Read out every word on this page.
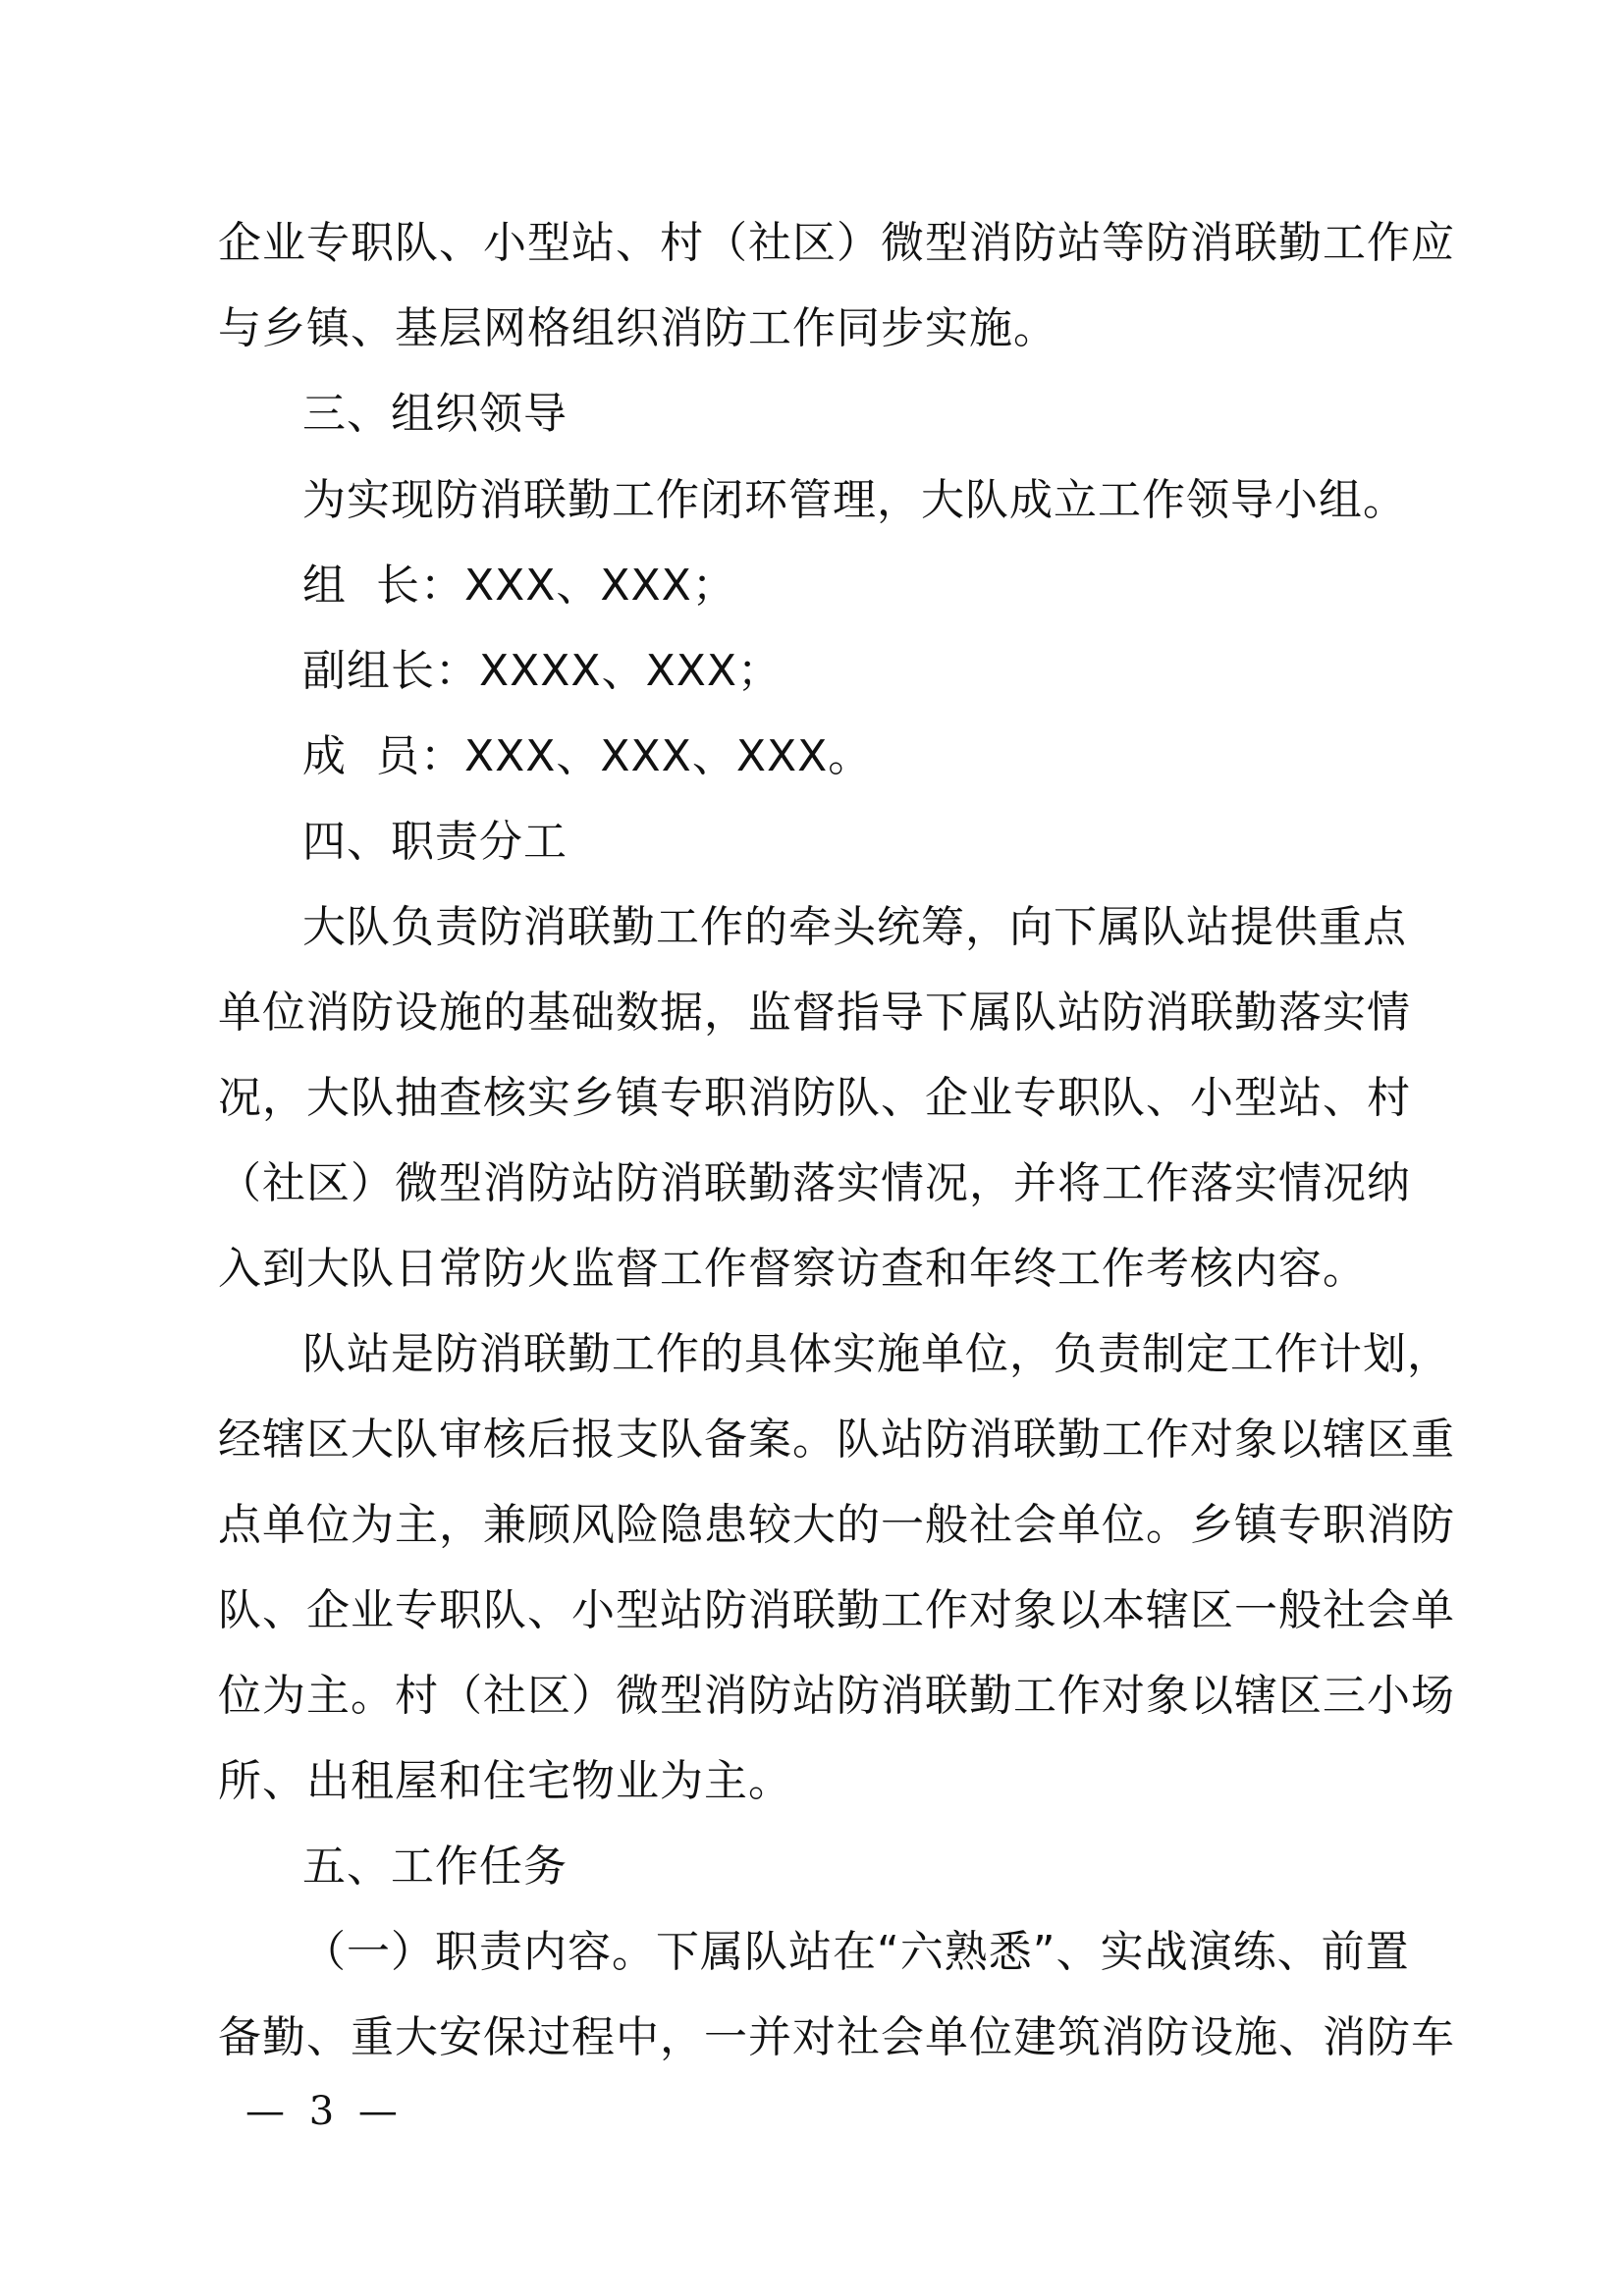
企业专职队、小型站、村（社区）微型消防站等防消联勤工作应
与乡镇、基层网格组织消防工作同步实施。
三、组织领导
为实现防消联勤工作闭环管理，大队成立工作领导小组。
组  长：XXX、XXX；
副组长：XXXX、XXX；
成  员：XXX、XXX、XXX。
四、职责分工
大队负责防消联勤工作的牵头统筹，向下属队站提供重点
单位消防设施的基础数据，监督指导下属队站防消联勤落实情
况，大队抽查核实乡镇专职消防队、企业专职队、小型站、村
（社区）微型消防站防消联勤落实情况，并将工作落实情况纳
入到大队日常防火监督工作督察访查和年终工作考核内容。
队站是防消联勤工作的具体实施单位，负责制定工作计划，
经辖区大队审核后报支队备案。队站防消联勤工作对象以辖区重
点单位为主，兼顾风险隐患较大的一般社会单位。乡镇专职消防
队、企业专职队、小型站防消联勤工作对象以本辖区一般社会单
位为主。村（社区）微型消防站防消联勤工作对象以辖区三小场
所、出租屋和住宅物业为主。
五、工作任务
（一）职责内容。下属队站在“六熟悉”、实战演练、前置
备勤、重大安保过程中，一并对社会单位建筑消防设施、消防车
— 3 —
